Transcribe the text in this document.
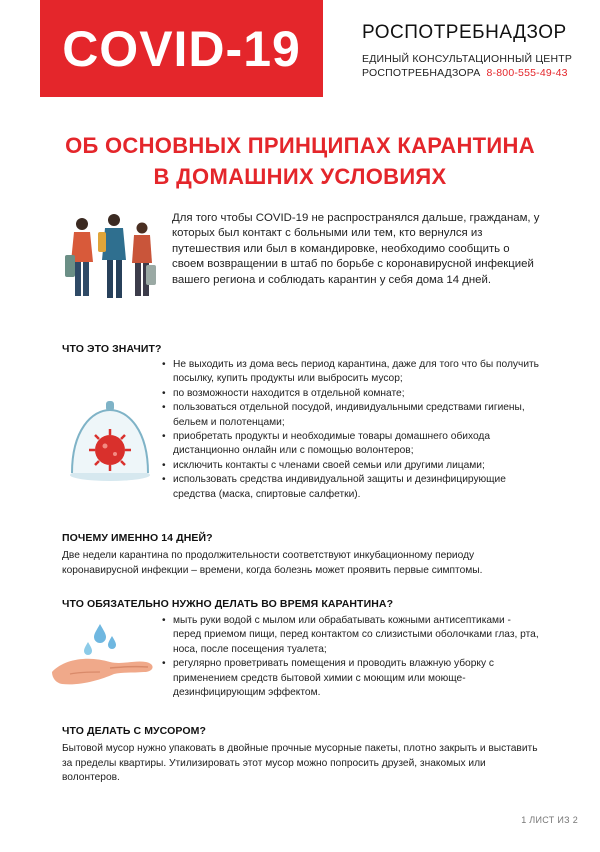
COVID-19	РОСПОТРЕБНАДЗОР
ЕДИНЫЙ КОНСУЛЬТАЦИОННЫЙ ЦЕНТР
РОСПОТРЕБНАДЗОРА 8-800-555-49-43
ОБ ОСНОВНЫХ ПРИНЦИПАХ КАРАНТИНА
В ДОМАШНИХ УСЛОВИЯХ
Для того чтобы COVID-19 не распространялся дальше, гражданам, у которых был контакт с больными или тем, кто вернулся из путешествия или был в командировке, необходимо сообщить о своем возвращении в штаб по борьбе с коронавирусной инфекцией вашего региона и соблюдать карантин у себя дома 14 дней.
ЧТО ЭТО ЗНАЧИТ?
• Не выходить из дома весь период карантина, даже для того что бы получить посылку, купить продукты или выбросить мусор;
• по возможности находится в отдельной комнате;
• пользоваться отдельной посудой, индивидуальными средствами гигиены, бельем и полотенцами;
• приобретать продукты и необходимые товары домашнего обихода дистанционно онлайн или с помощью волонтеров;
• исключить контакты с членами своей семьи или другими лицами;
• использовать средства индивидуальной защиты и дезинфицирующие средства (маска, спиртовые салфетки).
ПОЧЕМУ ИМЕННО 14 ДНЕЙ?
Две недели карантина по продолжительности соответствуют инкубационному периоду коронавирусной инфекции – времени, когда болезнь может проявить первые симптомы.
ЧТО ОБЯЗАТЕЛЬНО НУЖНО ДЕЛАТЬ ВО ВРЕМЯ КАРАНТИНА?
• мыть руки водой с мылом или обрабатывать кожными антисептиками - перед приемом пищи, перед контактом со слизистыми оболочками глаз, рта, носа, после посещения туалета;
• регулярно проветривать помещения и проводить влажную уборку с применением средств бытовой химии с моющим или моюще-дезинфицирующим эффектом.
ЧТО ДЕЛАТЬ С МУСОРОМ?
Бытовой мусор нужно упаковать в двойные прочные мусорные пакеты, плотно закрыть и выставить за пределы квартиры. Утилизировать этот мусор можно попросить друзей, знакомых или волонтеров.
1 ЛИСТ ИЗ 2
